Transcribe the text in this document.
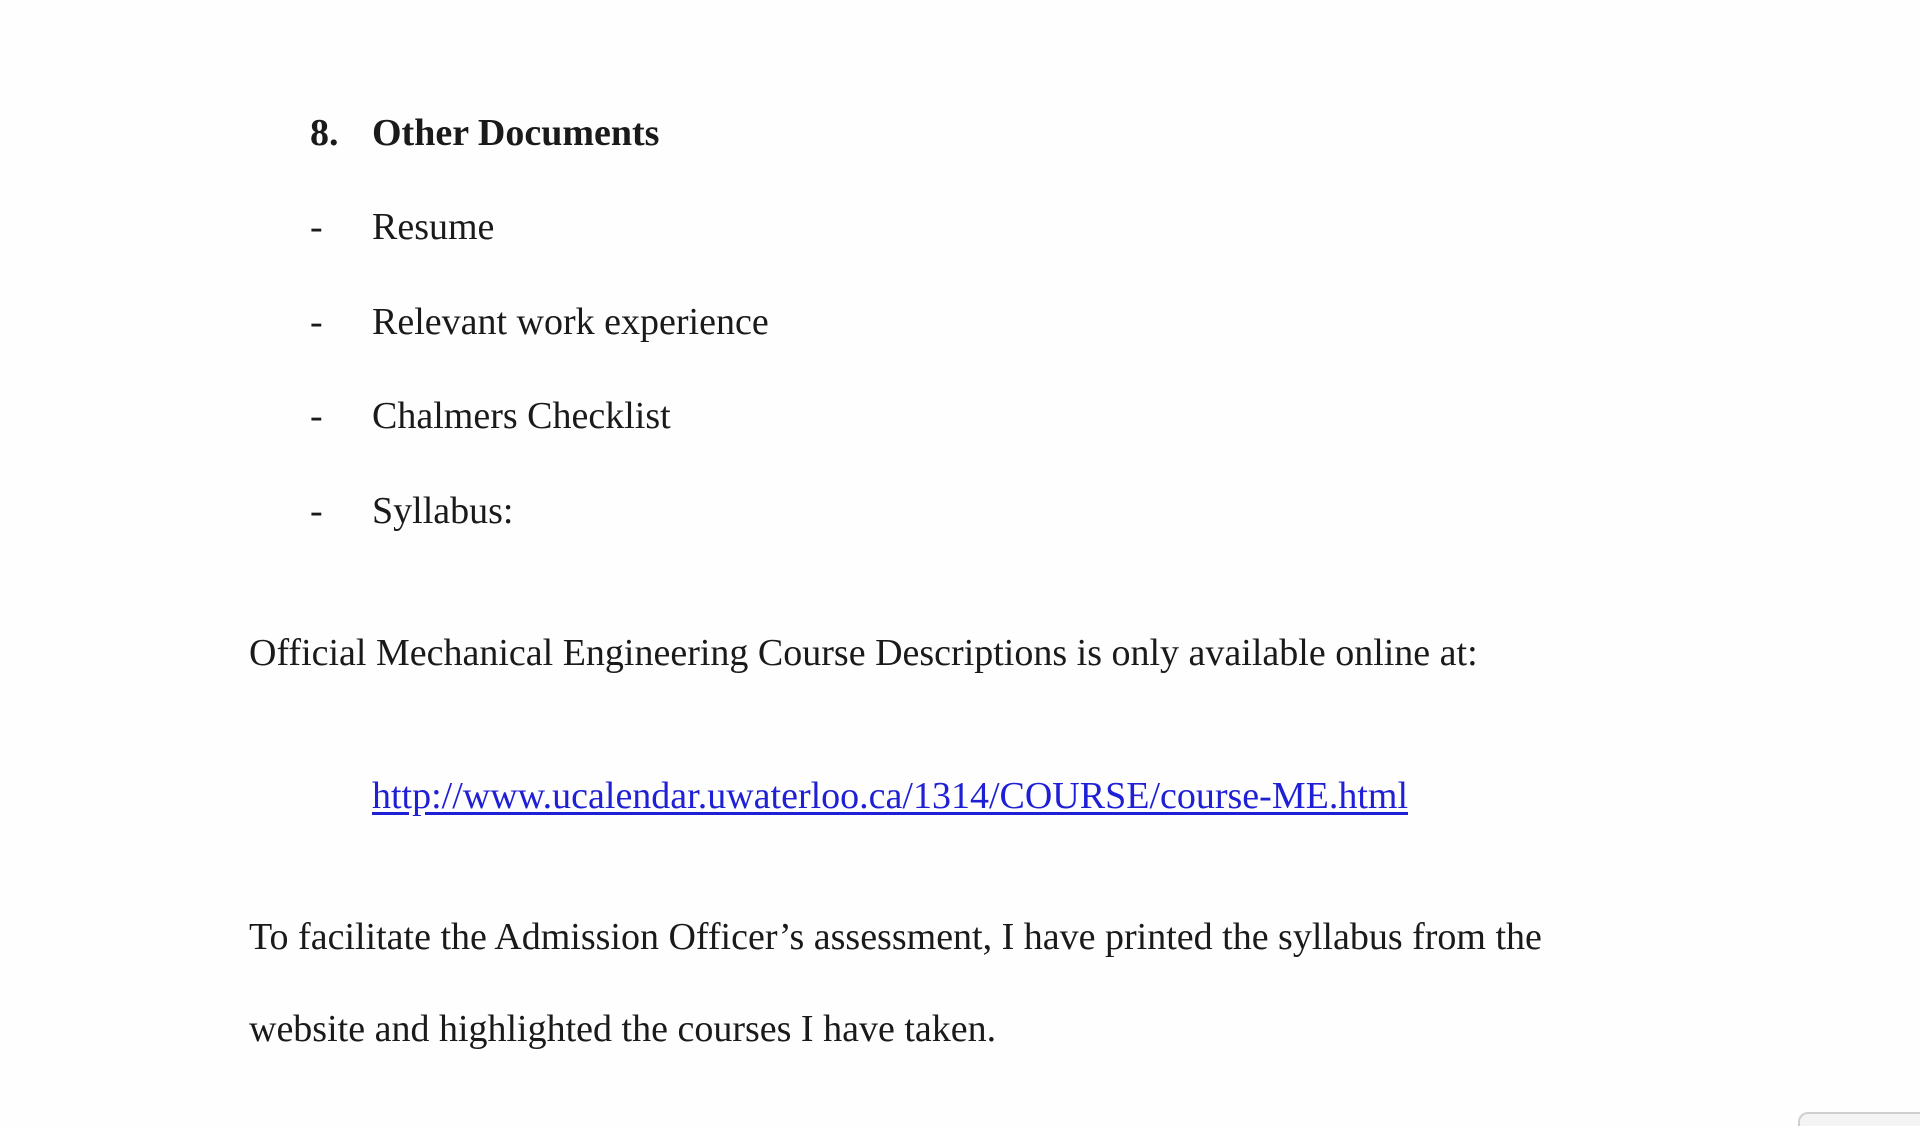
8. Other Documents
- Resume
- Relevant work experience
- Chalmers Checklist
- Syllabus:
Official Mechanical Engineering Course Descriptions is only available online at:
http://www.ucalendar.uwaterloo.ca/1314/COURSE/course-ME.html
To facilitate the Admission Officer’s assessment, I have printed the syllabus from the
website and highlighted the courses I have taken.
